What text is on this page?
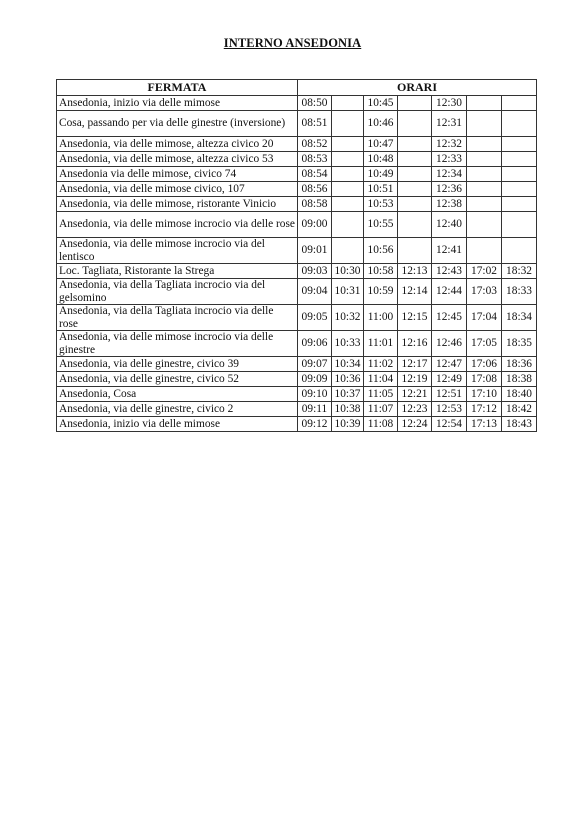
INTERNO ANSEDONIA
FERMATA	ORARI						
Ansedonia, inizio via delle mimose	08:50		10:45		12:30		
Cosa, passando per via delle ginestre (inversione)	08:51		10:46		12:31		
Ansedonia, via delle mimose, altezza civico 20	08:52		10:47		12:32		
Ansedonia, via delle mimose, altezza civico 53	08:53		10:48		12:33		
Ansedonia via delle mimose, civico 74	08:54		10:49		12:34		
Ansedonia, via delle mimose civico, 107	08:56		10:51		12:36		
Ansedonia, via delle mimose, ristorante Vinicio	08:58		10:53		12:38		
Ansedonia, via delle mimose incrocio via delle rose	09:00		10:55		12:40		
Ansedonia, via delle mimose incrocio via del lentisco	09:01		10:56		12:41		
Loc. Tagliata, Ristorante la Strega	09:03	10:30	10:58	12:13	12:43	17:02	18:32
Ansedonia, via della Tagliata incrocio via del gelsomino	09:04	10:31	10:59	12:14	12:44	17:03	18:33
Ansedonia, via della Tagliata incrocio via delle rose	09:05	10:32	11:00	12:15	12:45	17:04	18:34
Ansedonia, via delle mimose incrocio via delle ginestre	09:06	10:33	11:01	12:16	12:46	17:05	18:35
Ansedonia, via delle ginestre, civico 39	09:07	10:34	11:02	12:17	12:47	17:06	18:36
Ansedonia, via delle ginestre, civico 52	09:09	10:36	11:04	12:19	12:49	17:08	18:38
Ansedonia, Cosa	09:10	10:37	11:05	12:21	12:51	17:10	18:40
Ansedonia, via delle ginestre, civico 2	09:11	10:38	11:07	12:23	12:53	17:12	18:42
Ansedonia, inizio via delle mimose	09:12	10:39	11:08	12:24	12:54	17:13	18:43
